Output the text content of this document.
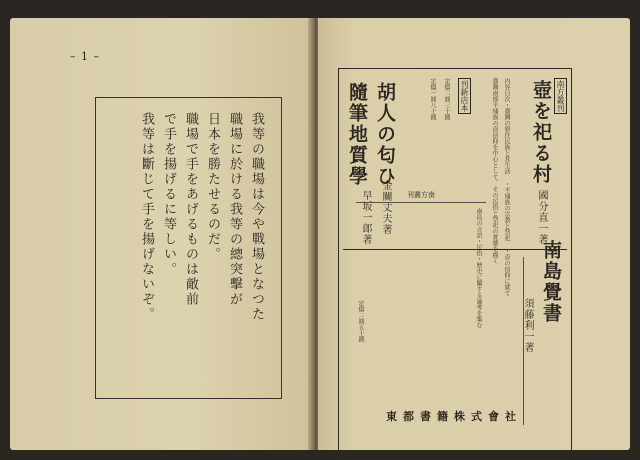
– 1 –
我等の職場は今や戰場となつた
職場に於ける我等の總突擊が
日本を勝たせるのだ。
職場で手をあげるものは敵前
で手を揚げるに等しい。
我等は斷じて手を揚げないぞ。
南方叢刊
壺を祀る村
國分直一著
内容目次・臺灣の原住民族と其生活 ・平埔族の宗教と祭祀 ・壺の信仰に就て
臺灣南部平埔族の壺信仰を中心として、その民俗と祭祀の實態を描く
刊新店本
胡人の匂ひ
金關丈夫著
定價二圓三十錢
隨筆地質學
早坂一郎著
定價一圓八十錢
刊叢方南
南島覺書
須藤利一著
南島の言語・民俗・歴史に關する論考を集む
定價二圓五十錢
東都書籍株式會社
